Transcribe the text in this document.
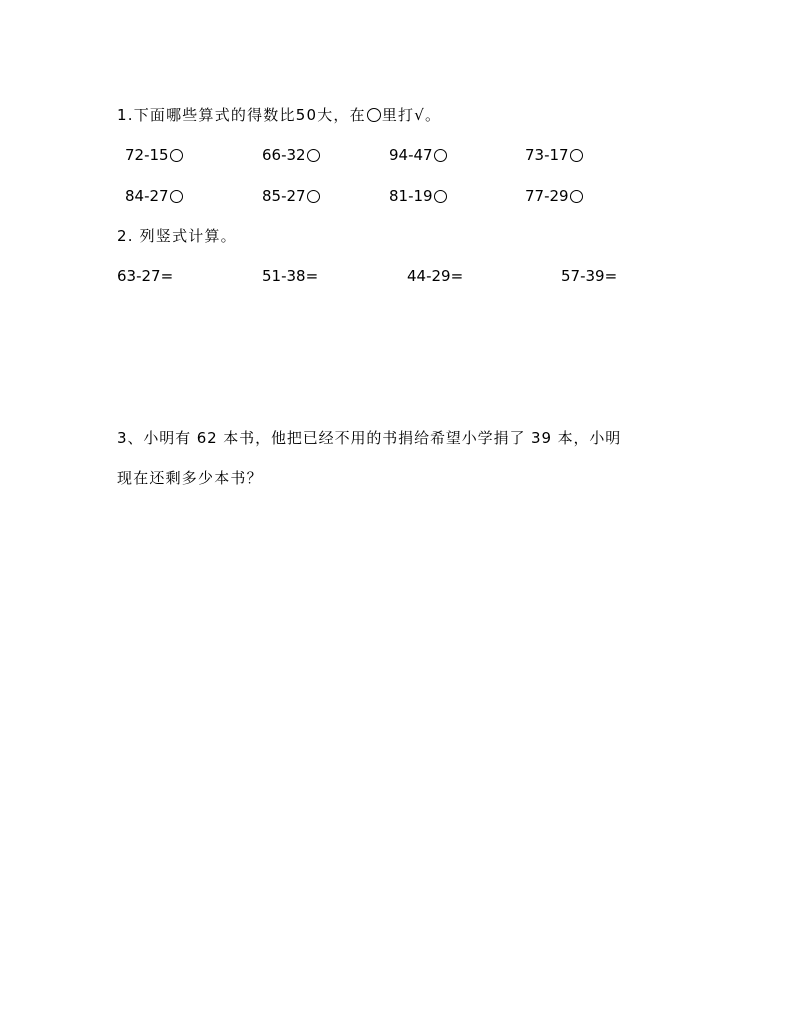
1.下面哪些算式的得数比50大，在 里打√。
72-15	66-32	94-47	73-17
84-27	85-27	81-19	77-29
2. 列竖式计算。
63-27=	51-38=	44-29=	57-39=
3、小明有 62 本书，他把已经不用的书捐给希望小学捐了 39 本，小明
现在还剩多少本书？
